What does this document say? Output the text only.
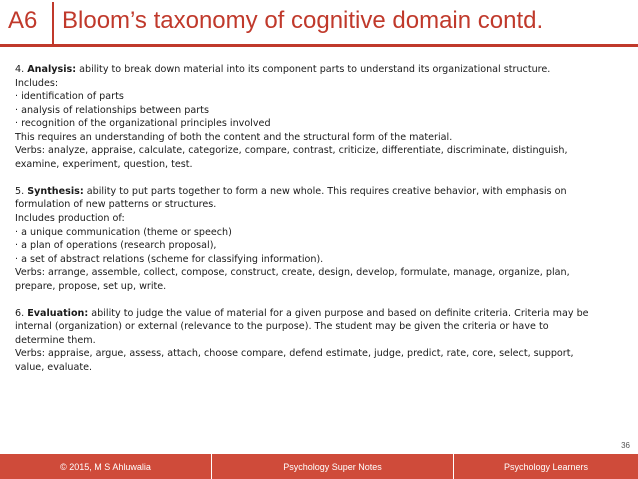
A6 Bloom’s taxonomy of cognitive domain contd.
4. Analysis: ability to break down material into its component parts to understand its organizational structure.
Includes:
· identification of parts
· analysis of relationships between parts
· recognition of the organizational principles involved
This requires an understanding of both the content and the structural form of the material.
Verbs: analyze, appraise, calculate, categorize, compare, contrast, criticize, differentiate, discriminate, distinguish,
examine, experiment, question, test.
5. Synthesis: ability to put parts together to form a new whole. This requires creative behavior, with emphasis on
formulation of new patterns or structures.
Includes production of:
· a unique communication (theme or speech)
· a plan of operations (research proposal),
· a set of abstract relations (scheme for classifying information).
Verbs: arrange, assemble, collect, compose, construct, create, design, develop, formulate, manage, organize, plan,
prepare, propose, set up, write.
6. Evaluation: ability to judge the value of material for a given purpose and based on definite criteria. Criteria may be
internal (organization) or external (relevance to the purpose). The student may be given the criteria or have to
determine them.
Verbs: appraise, argue, assess, attach, choose compare, defend estimate, judge, predict, rate, core, select, support,
value, evaluate.
36
© 2015, M S Ahluwalia	Psychology Super Notes	Psychology Learners
